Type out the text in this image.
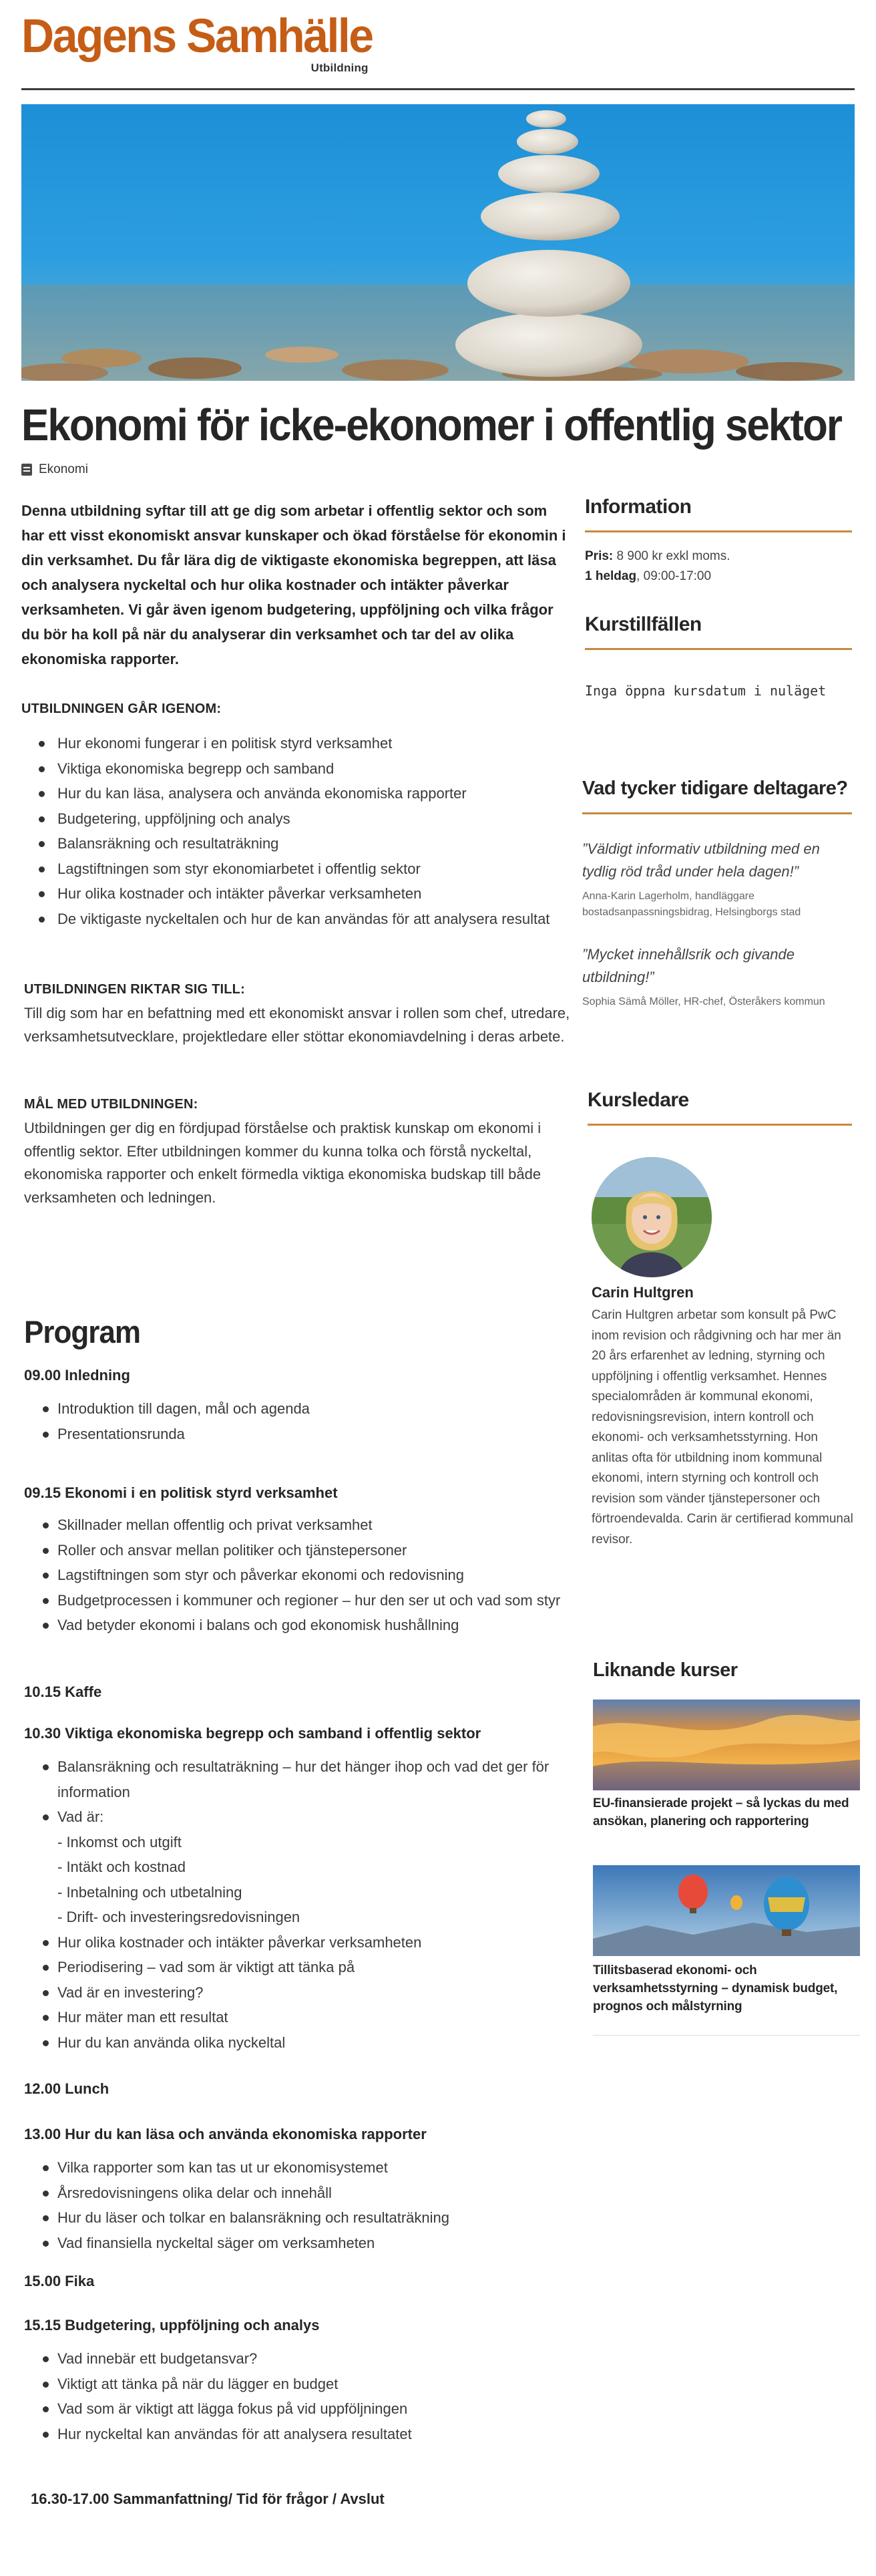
Dagens Samhälle
Utbildning
Ekonomi för icke-ekonomer i offentlig sektor
Ekonomi

Denna utbildning syftar till att ge dig som arbetar i offentlig sektor och som har ett visst ekonomiskt ansvar kunskaper och ökad förståelse för ekonomin i din verksamhet. Du får lära dig de viktigaste ekonomiska begreppen, att läsa och analysera nyckeltal och hur olika kostnader och intäkter påverkar verksamheten. Vi går även igenom budgetering, uppföljning och vilka frågor du bör ha koll på när du analyserar din verksamhet och tar del av olika ekonomiska rapporter.

UTBILDNINGEN GÅR IGENOM:
Hur ekonomi fungerar i en politisk styrd verksamhet
Viktiga ekonomiska begrepp och samband
Hur du kan läsa, analysera och använda ekonomiska rapporter
Budgetering, uppföljning och analys
Balansräkning och resultaträkning
Lagstiftningen som styr ekonomiarbetet i offentlig sektor
Hur olika kostnader och intäkter påverkar verksamheten
De viktigaste nyckeltalen och hur de kan användas för att analysera resultat
UTBILDNINGEN RIKTAR SIG TILL:

Till dig som har en befattning med ett ekonomiskt ansvar i rollen som chef, utredare, verksamhetsutvecklare, projektledare eller stöttar ekonomiavdelning i deras arbete.

MÅL MED UTBILDNINGEN:

Utbildningen ger dig en fördjupad förståelse och praktisk kunskap om ekonomi i offentlig sektor. Efter utbildningen kommer du kunna tolka och förstå nyckeltal, ekonomiska rapporter och enkelt förmedla viktiga ekonomiska budskap till både verksamheten och ledningen.

Program
09.00 Inledning
Introduktion till dagen, mål och agenda
Presentationsrunda
09.15 Ekonomi i en politisk styrd verksamhet
Skillnader mellan offentlig och privat verksamhet
Roller och ansvar mellan politiker och tjänstepersoner
Lagstiftningen som styr och påverkar ekonomi och redovisning
Budgetprocessen i kommuner och regioner – hur den ser ut och vad som styr
Vad betyder ekonomi i balans och god ekonomisk hushållning
10.15 Kaffe
10.30 Viktiga ekonomiska begrepp och samband i offentlig sektor
Balansräkning och resultaträkning – hur det hänger ihop och vad det ger för information
Vad är:
- Inkomst och utgift
- Intäkt och kostnad
- Inbetalning och utbetalning
- Drift- och investeringsredovisningen
Hur olika kostnader och intäkter påverkar verksamheten
Periodisering – vad som är viktigt att tänka på
Vad är en investering?
Hur mäter man ett resultat
Hur du kan använda olika nyckeltal
12.00 Lunch
13.00 Hur du kan läsa och använda ekonomiska rapporter
Vilka rapporter som kan tas ut ur ekonomisystemet
Årsredovisningens olika delar och innehåll
Hur du läser och tolkar en balansräkning och resultaträkning
Vad finansiella nyckeltal säger om verksamheten
15.00 Fika
15.15 Budgetering, uppföljning och analys
Vad innebär ett budgetansvar?
Viktigt att tänka på när du lägger en budget
Vad som är viktigt att lägga fokus på vid uppföljningen
Hur nyckeltal kan användas för att analysera resultatet
16.30-17.00 Sammanfattning/ Tid för frågor / Avslut
Information
Pris: 8 900 kr exkl moms.
1 heldag, 09:00-17:00
Kurstillfällen
Inga öppna kursdatum i nuläget
Vad tycker tidigare deltagare?
”Väldigt informativ utbildning med en tydlig röd tråd under hela dagen!”
Anna-Karin Lagerholm, handläggare bostadsanpassningsbidrag, Helsingborgs stad
”Mycket innehållsrik och givande utbildning!”
Sophia Sämå Möller, HR-chef, Österåkers kommun
Kursledare
Carin Hultgren

Carin Hultgren arbetar som konsult på PwC inom revision och rådgivning och har mer än 20 års erfarenhet av ledning, styrning och uppföljning i offentlig verksamhet. Hennes specialområden är kommunal ekonomi, redovisningsrevision, intern kontroll och ekonomi- och verksamhetsstyrning. Hon anlitas ofta för utbildning inom kommunal ekonomi, intern styrning och kontroll och revision som vänder tjänstepersoner och förtroendevalda. Carin är certifierad kommunal revisor.

Liknande kurser
EU-finansierade projekt – så lyckas du med ansökan, planering och rapportering
Tillitsbaserad ekonomi- och verksamhetsstyrning – dynamisk budget, prognos och målstyrning
